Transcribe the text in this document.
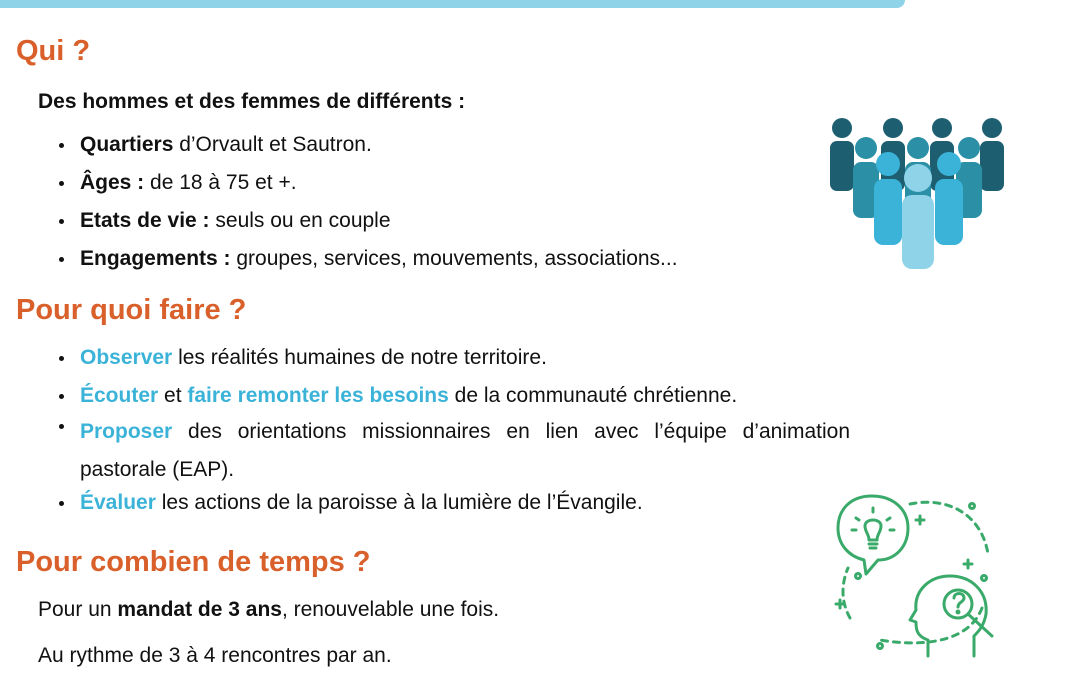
Qui ?

Des hommes et des femmes de différents :

Quartiers d’Orvault et Sautron.
Âges : de 18 à 75 et +.
Etats de vie : seuls ou en couple
Engagements : groupes, services, mouvements, associations...
Pour quoi faire ?
Observer les réalités humaines de notre territoire.
Écouter et faire remonter les besoins de la communauté chrétienne.
Proposer des orientations missionnaires en lien avec l’équipe d’animation pastorale (EAP).
Évaluer les actions de la paroisse à la lumière de l’Évangile.
Pour combien de temps ?

Pour un mandat de 3 ans, renouvelable une fois.

Au rythme de 3 à 4 rencontres par an.
